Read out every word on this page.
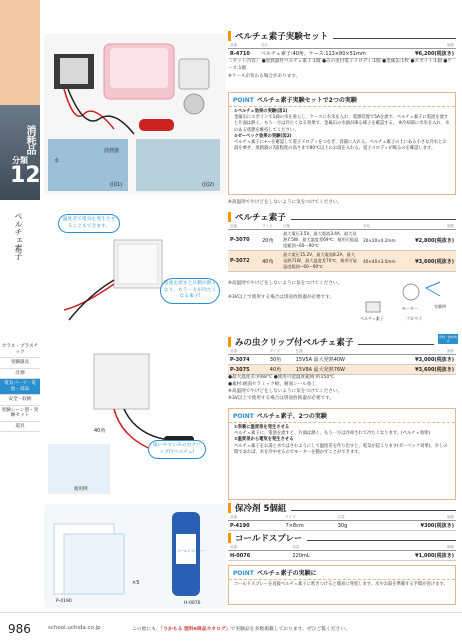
消耗品
分類
12
ペルチェ素子
カラス・プラスチック
実験器具
計測
電気パーツ・電池・部品
安全・収納
実験シーン別・実験セット
道具
放熱器
水
(図1)	(図2)
ペルチェ素子実験セット
品番	品名	価格
R-4710	ペルチェ素子:40角、ケース:113×80×51mm	¥6,200(税抜き)
〈セット内容〉 ●放熱器付ペルチェ素子:1個 ●みの虫付電子メロディ:1個 ●金属缶:1枚 ●スポイト:1個 ●ケース:1個
※ケースが変わる場合があります。
POINT ペルチェ素子実験セットで2つの実験
①ペルチェ効果の実験(図1)
金属缶にスポイトで1滴の水を垂らし、ケースに水氷を入れ、電源装置で5Aを流す。ペルチェ素子に電流を流すと片面は熱く、もう一方は冷たくなる効果で、金属缶の水滴が凍る様子を確認する。 ※冷却部に水氷を入れ、水のある状態を維持してください。
②ゼーベック効果の実験(図2)
ペルチェ素子に+−を確認して電子メロディをつなぎ、容器に入れる。ペルチェ素子の上にある小さな冷水とお湯を乗せ、放熱器の7面程度の高さまで90℃以上のお湯を入れる。電子メロディが鳴るのを確認します。
※高温則でやけどをしないように気をつけてください。
温度差で電気を発生させることもできます。
電流を流すと片側が熱くなり、もう一方が冷たくなる素子!
ペルチェ素子
品番	サイズ	仕様	外形	価格
P-3070	20角	最大電圧3.5V、最大電流3.4A、最大発熱7.5W、最大温度差69℃、使用可能温度範囲−60〜90℃	20×20×4.2mm	¥2,800(税抜き)
P-3072	40角	最大電圧15.2V、最大電流8.2A、最大発熱71W、最大温度差70℃、使用可能温度範囲−60〜90℃	40×40×3.5mm	¥3,600(税抜き)
※高温則でやけどをしないように気をつけてください。
※3V以上で使用する場合は別途放熱器が必要です。
ペルチェ素子
モーター
プロペラ
実験例
40角
使用例
扱いやすいみの虫クリップ付ペルチェ!
みの虫クリップ付ペルチェ素子
学校・教材向け
品番	サイズ	仕様	価格
P-3074	30角	15V5A 最大発熱40W	¥3,000(税抜き)
P-3075	40角	15V8A 最大発熱76W	¥3,600(税抜き)
●最大温度差:約68℃ ●使用可能温度範囲:約150℃
●素材:耐面セラミック板、耐面シール加工
※高温則でやけどをしないように気をつけてください。
※3V以上で使用する場合は別途放熱器が必要です。
POINT ペルチェ素子、2つの実験
①表裏に温度差を発生させる
ペルチェ素子に、電池を流すと、片面は熱く、もう一方は冷却されて冷たくなります。(ペルチェ効果)
②温度差から電気を発生させる
ペルチェ素子をお湯と水ではさむようにして温度差を作り出すと、電気が起こります(ゼーベック効果)。少しの間であれば、水を冷やせるのでモーターを動かすことができます。
×5
P-4190	H-0076
コールドスプレー
保冷剤 5個組
品番	サイズ	容量	価格
P-4190	7×8cm	30g	¥300(税抜き)
コールドスプレー
品番	容量	価格
H-0076	220mL	¥1,000(税抜き)
POINT ペルチェ素子の実験に
コールドスプレーを直接ペルチェ素子に吹きつけると簡易に発電します。水やお湯を準備する手間が省けます。
986	school.uchida.co.jp	この他にも、「りかもる 理科e商品カタログ」で実験品を多数掲載しております。ぜひご覧ください。
